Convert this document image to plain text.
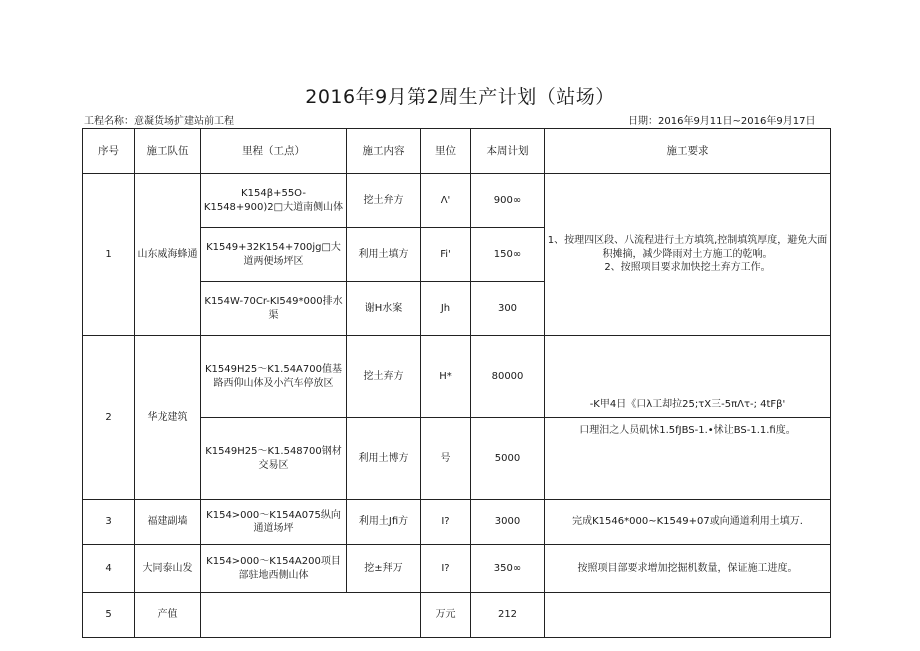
2016年9月第2周生产计划（站场）
工程名称：意凝货场扩建站前工程	日期：2016年9月11日~2016年9月17日
序号	施工队伍	里程（工点）	施工内容	里位	本周计划	施工要求
1	山东威海蜂通	K154β+55O-K1548+900)2□大道南侧山体	挖土弁方	Λ'	900∞	1、按理四区段、八流程进行土方填筑,控制填筑厚度，避免大面积摊摘，减少降雨对土方施工的乾响。
2、按照项目要求加快挖土弃方工作。
		K1549+32K154+700jg□大道两便场坪区	利用土填方	Fi'	150∞	
		K154W-70Cr-KI549*000排水渠	谢H水案	Jh	300	
2	华龙建筑	K1549H25～K1.54A700值基路西仰山体及小汽车停放区	挖土弃方	H*	80000	-K甲4日《口λ工却拉25;τX三-5πΛτ-; 4tFβ'
		K1549H25～K1.548700钢材交易区	利用土博方	号	5000	口理汨之人员矶怵1.5fJBS-1.•怵让BS-1.1.fi度。
3	福建副墙	K154>000～K154A075纵向通道场坪	利用土Jfi方	I?	3000	完成K1546*000~K1549+07或向通道利用土填万.
4	大同泰山发	K154>000～K154A200项目部驻地西侧山体	挖±拜万	I?	350∞	按照项目部要求增加挖掘机数量，保证施工进度。
5	产值			万元	212	
